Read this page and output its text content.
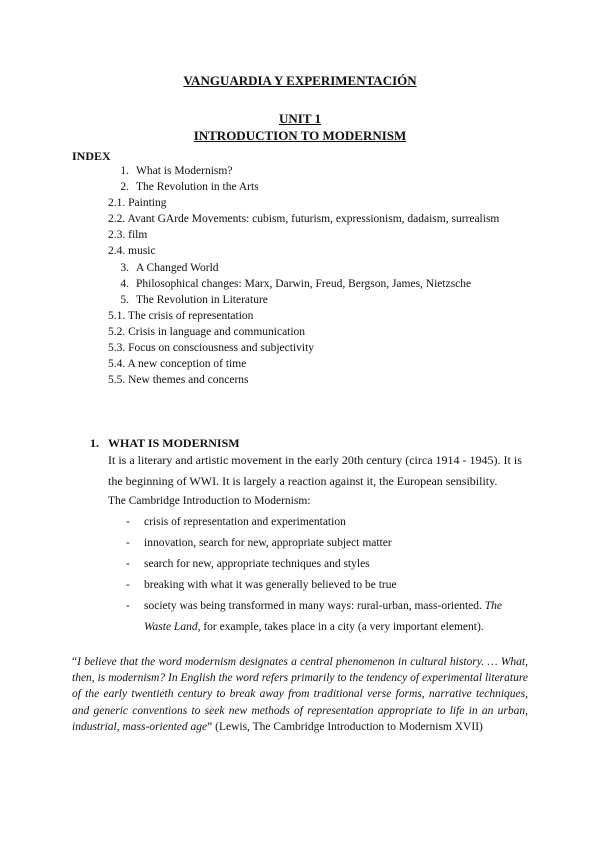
VANGUARDIA Y EXPERIMENTACIÓN
UNIT 1
INTRODUCTION TO MODERNISM
INDEX
1. What is Modernism?
2. The Revolution in the Arts
2.1. Painting
2.2. Avant GArde Movements: cubism, futurism, expressionism, dadaism, surrealism
2.3. film
2.4. music
3. A Changed World
4. Philosophical changes: Marx, Darwin, Freud, Bergson, James, Nietzsche
5. The Revolution in Literature
5.1. The crisis of representation
5.2. Crisis in language and communication
5.3. Focus on consciousness and subjectivity
5.4. A new conception of time
5.5. New themes and concerns
1. WHAT IS MODERNISM
It is a literary and artistic movement in the early 20th century (circa 1914 - 1945). It is
the beginning of WWI. It is largely a reaction against it, the European sensibility.
The Cambridge Introduction to Modernism:
- crisis of representation and experimentation
- innovation, search for new, appropriate subject matter
- search for new, appropriate techniques and styles
- breaking with what it was generally believed to be true
- society was being transformed in many ways: rural-urban, mass-oriented. The
Waste Land, for example, takes place in a city (a very important element).
“I believe that the word modernism designates a central phenomenon in cultural history. … What, then, is modernism? In English the word refers primarily to the tendency of experimental literature of the early twentieth century to break away from traditional verse forms, narrative techniques, and generic conventions to seek new methods of representation appropriate to life in an urban, industrial, mass-oriented age” (Lewis, The Cambridge Introduction to Modernism XVII)
